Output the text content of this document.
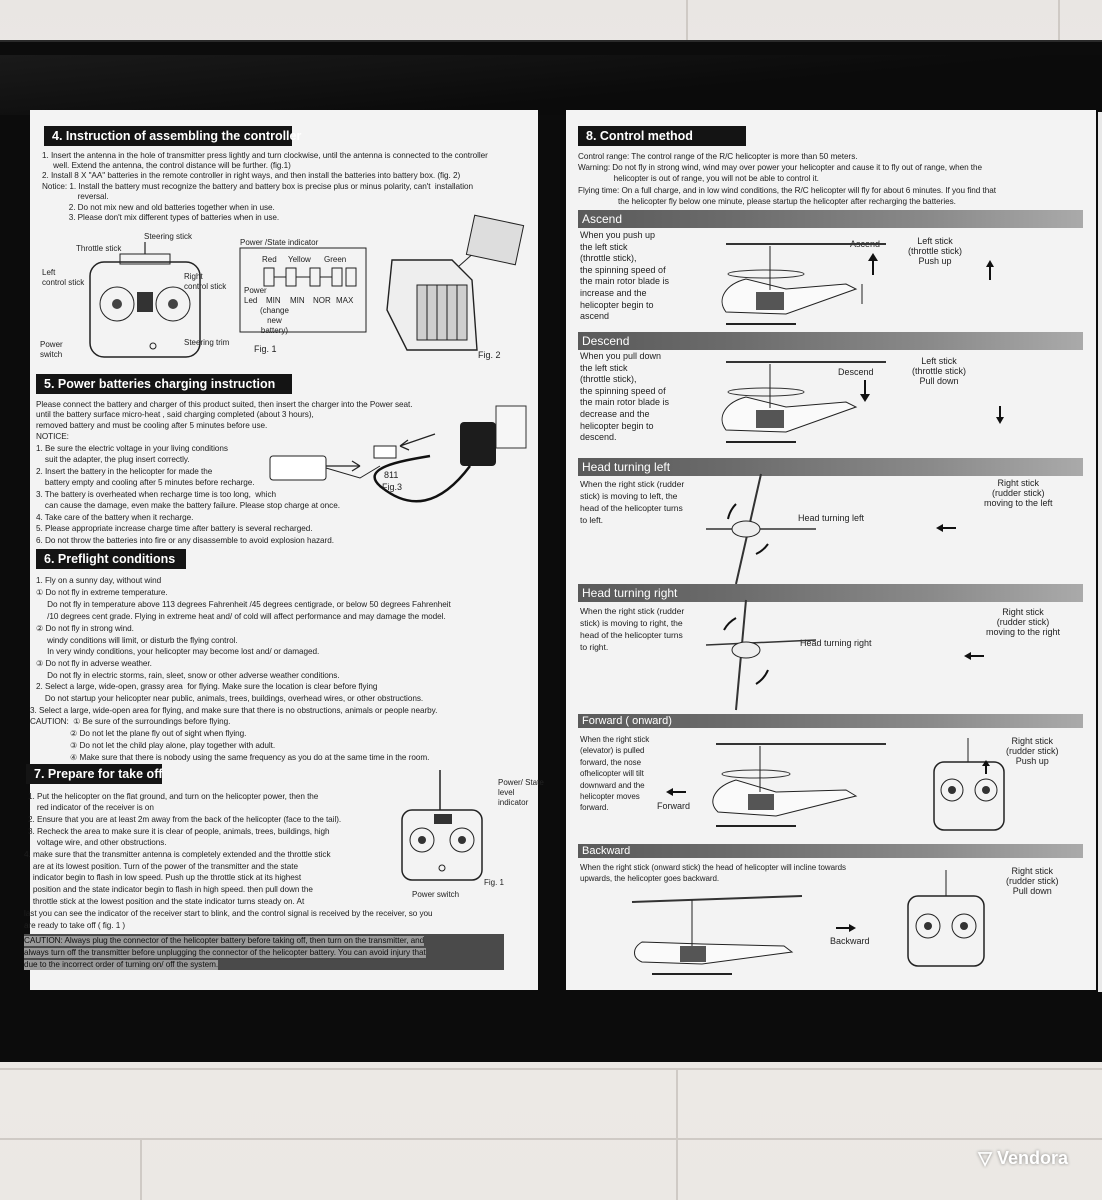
4. Instruction of assembling the controller
1. Insert the antenna in the hole of transmitter press lightly and turn clockwise, until the antenna is connected to the controller
well. Extend the antenna, the control distance will be further. (fig.1)
2. Install 8 X "AA" batteries in the remote controller in right ways, and then install the batteries into battery box. (fig. 2)
Notice: 1. Install the battery must recognize the battery and battery box is precise plus or minus polarity, can't  installation
reversal.
2. Do not mix new and old batteries together when in use.
3. Please don't mix different types of batteries when in use.
Steering stick
Throttle stick
Left
control stick
Right
control stick
Power
switch
Steering trim
Power /State indicator
Red Yellow Green
Power
Led	MIN MIN NOR MAX
(change
new
battery)
Fig. 1
Fig. 2
5. Power batteries charging instruction
Please connect the battery and charger of this product suited, then insert the charger into the Power seat.
until the battery surface micro-heat , said charging completed (about 3 hours),
removed battery and must be cooling after 5 minutes before use.
NOTICE:
1. Be sure the electric voltage in your living conditions
suit the adapter, the plug insert correctly.
2. Insert the battery in the helicopter for made the
battery empty and cooling after 5 minutes before recharge.
3. The battery is overheated when recharge time is too long,  which
can cause the damage, even make the battery failure. Please stop charge at once.
4. Take care of the battery when it recharge.
5. Please appropriate increase charge time after battery is several recharged.
6. Do not throw the batteries into fire or any disassemble to avoid explosion hazard.
811
Fig.3
6. Preflight conditions
1. Fly on a sunny day, without wind
① Do not fly in extreme temperature.
Do not fly in temperature above 113 degrees Fahrenheit /45 degrees centigrade, or below 50 degrees Fahrenheit
/10 degrees cent grade. Flying in extreme heat and/ of cold will affect performance and may damage the model.
② Do not fly in strong wind.
windy conditions will limit, or disturb the flying control.
In very windy conditions, your helicopter may become lost and/ or damaged.
③ Do not fly in adverse weather.
Do not fly in electric storms, rain, sleet, snow or other adverse weather conditions.
2. Select a large, wide-open, grassy area  for flying. Make sure the location is clear before flying
Do not startup your helicopter near public, animals, trees, buildings, overhead wires, or other obstructions.
3. Select a large, wide-open area for flying, and make sure that there is no obstructions, animals or people nearby.
CAUTION:  ① Be sure of the surroundings before flying.
② Do not let the plane fly out of sight when flying.
③ Do not let the child play alone, play together with adult.
④ Make sure that there is nobody using the same frequency as you do at the same time in the room.
7. Prepare for take off
1. Put the helicopter on the flat ground, and turn on the helicopter power, then the
red indicator of the receiver is on
2. Ensure that you are at least 2m away from the back of the helicopter (face to the tail).
3. Recheck the area to make sure it is clear of people, animals, trees, buildings, high
voltage wire, and other obstructions.
4. make sure that the transmitter antenna is completely extended and the throttle stick
are at its lowest position. Turn of the power of the transmitter and the state
indicator begin to flash in low speed. Push up the throttle stick at its highest
position and the state indicator begin to flash in high speed. then pull down the
throttle stick at the lowest position and the state indicator turns steady on. At
last you can see the indicator of the receiver start to blink, and the control signal is received by the receiver, so you
are ready to take off ( fig. 1 )
Power/ State
level
indicator
Power switch
Fig. 1
CAUTION: Always plug the connector of the helicopter battery before taking off, then turn on the transmitter, and
always turn off the transmitter before unplugging the connector of the helicopter battery. You can avoid injury that
due to the incorrect order of turning on/ off the system.
8. Control method
Control range: The control range of the R/C helicopter is more than 50 meters.
Warning: Do not fly in strong wind, wind may over power your helicopter and cause it to fly out of range, when the
helicopter is out of range, you will not be able to control it.
Flying time: On a full charge, and in low wind conditions, the R/C helicopter will fly for about 6 minutes. If you find that
the helicopter fly below one minute, please startup the helicopter after recharging the batteries.
Ascend
When you push up
the left stick
(throttle stick),
the spinning speed of
the main rotor blade is
increase and the
helicopter begin to
ascend
Ascend	Left stick
(throttle stick)
Push up
Descend
When you pull down
the left stick
(throttle stick),
the spinning speed of
the main rotor blade is
decrease and the
helicopter begin to
descend.
Descend
Left stick
(throttle stick)
Pull down
Head turning left
When the right stick (rudder
stick) is moving to left, the
head of the helicopter turns
to left.	Head turning left
Right stick
(rudder stick)
moving to the left
Head turning right
When the right stick (rudder
stick) is moving to right, the
head of the helicopter turns
to right.	Head turning right
Right stick
(rudder stick)
moving to the right
Forward ( onward)
When the right stick
(elevator) is pulled
forward, the nose
ofhelicopter will tilt
downward and the
helicopter moves
forward.	Forward
Right stick
(rudder stick)
Push up
Backward
When the right stick (onward stick) the head of helicopter will incline towards
upwards, the helicopter goes backward.
Backward
Right stick
(rudder stick)
Pull down
▽ Vendora
